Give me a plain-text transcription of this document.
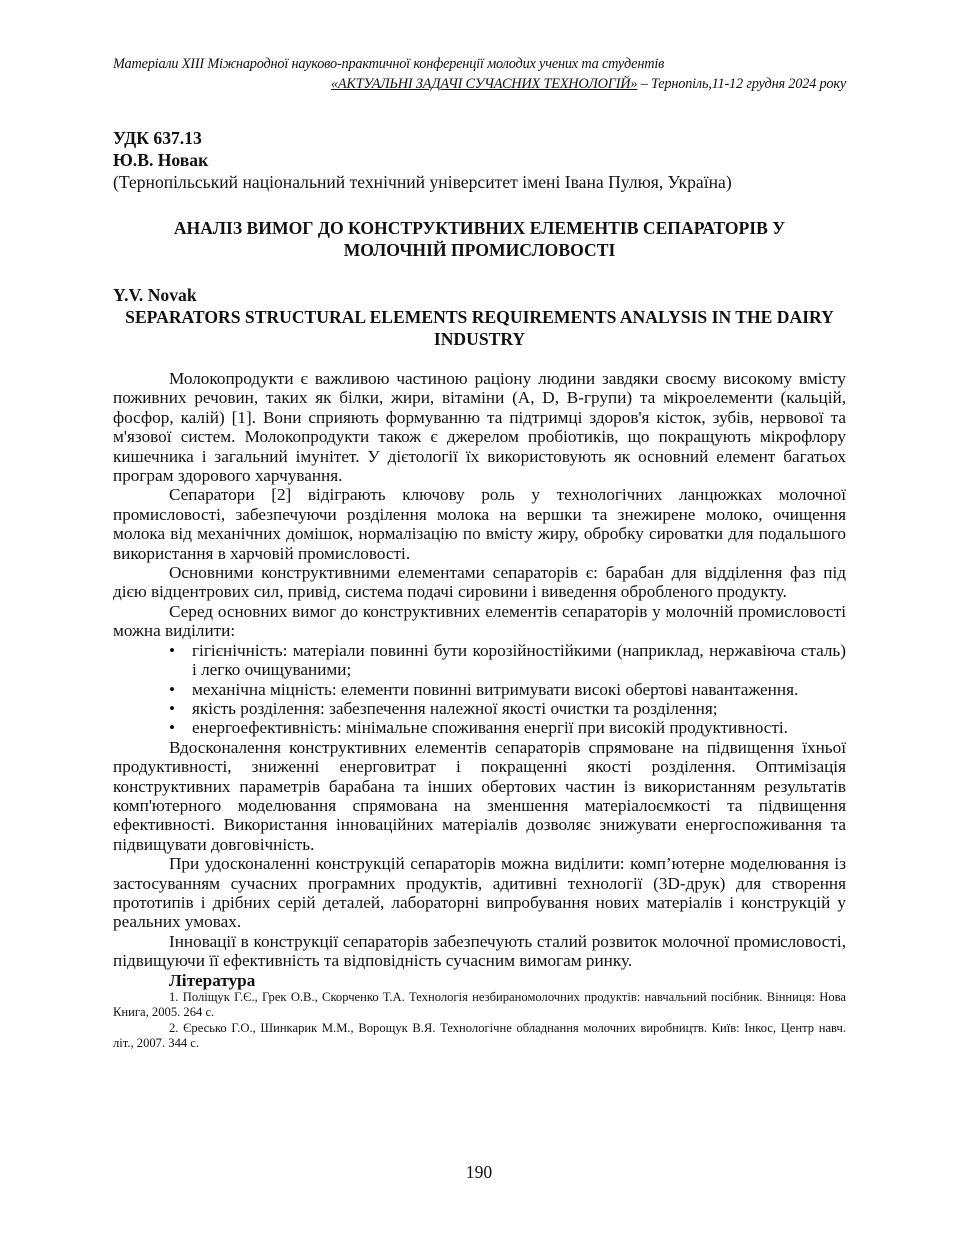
Матеріали XIII Міжнародної науково-практичної конференції молодих учених та студентів
«АКТУАЛЬНІ ЗАДАЧІ СУЧАСНИХ ТЕХНОЛОГІЙ» – Тернопіль,11-12 грудня 2024 року
УДК 637.13
Ю.В. Новак
(Тернопільський національний технічний університет імені Івана Пулюя, Україна)
АНАЛІЗ ВИМОГ ДО КОНСТРУКТИВНИХ ЕЛЕМЕНТІВ СЕПАРАТОРІВ У МОЛОЧНІЙ ПРОМИСЛОВОСТІ
Y.V. Novak
SEPARATORS STRUCTURAL ELEMENTS REQUIREMENTS ANALYSIS IN THE DAIRY INDUSTRY

Молокопродукти є важливою частиною раціону людини завдяки своєму високому вмісту поживних речовин, таких як білки, жири, вітаміни (A, D, B-групи) та мікроелементи (кальцій, фосфор, калій) [1]. Вони сприяють формуванню та підтримці здоров'я кісток, зубів, нервової та м'язової систем. Молокопродукти також є джерелом пробіотиків, що покращують мікрофлору кишечника і загальний імунітет. У дієтології їх використовують як основний елемент багатьох програм здорового харчування.

Сепаратори [2] відіграють ключову роль у технологічних ланцюжках молочної промисловості, забезпечуючи розділення молока на вершки та знежирене молоко, очищення молока від механічних домішок, нормалізацію по вмісту жиру, обробку сироватки для подальшого використання в харчовій промисловості.

Основними конструктивними елементами сепараторів є: барабан для відділення фаз під дією відцентрових сил, привід, система подачі сировини і виведення обробленого продукту.

Серед основних вимог до конструктивних елементів сепараторів у молочній промисловості можна виділити:

• гігієнічність: матеріали повинні бути корозійностійкими (наприклад, нержавіюча сталь) і легко очищуваними;
• механічна міцність: елементи повинні витримувати високі обертові навантаження.
• якість розділення: забезпечення належної якості очистки та розділення;
• енергоефективність: мінімальне споживання енергії при високій продуктивності.

Вдосконалення конструктивних елементів сепараторів спрямоване на підвищення їхньої продуктивності, зниженні енерговитрат і покращенні якості розділення. Оптимізація конструктивних параметрів барабана та інших обертових частин із використанням результатів комп'ютерного моделювання спрямована на зменшення матеріалоємкості та підвищення ефективності. Використання інноваційних матеріалів дозволяє знижувати енергоспоживання та підвищувати довговічність.

При удосконаленні конструкцій сепараторів можна виділити: комп’ютерне моделювання із застосуванням сучасних програмних продуктів, адитивні технології (3D-друк) для створення прототипів і дрібних серій деталей, лабораторні випробування нових матеріалів і конструкцій у реальних умовах.

Інновації в конструкції сепараторів забезпечують сталий розвиток молочної промисловості, підвищуючи її ефективність та відповідність сучасним вимогам ринку.

Література
1. Поліщук Г.Є., Грек О.В., Скорченко Т.А. Технологія незбираномолочних продуктів: навчальний посібник. Вінниця: Нова Книга, 2005. 264 с.
2. Єресько Г.О., Шинкарик М.М., Ворощук В.Я. Технологічне обладнання молочних виробництв. Київ: Інкос, Центр навч. літ., 2007. 344 с.
190
